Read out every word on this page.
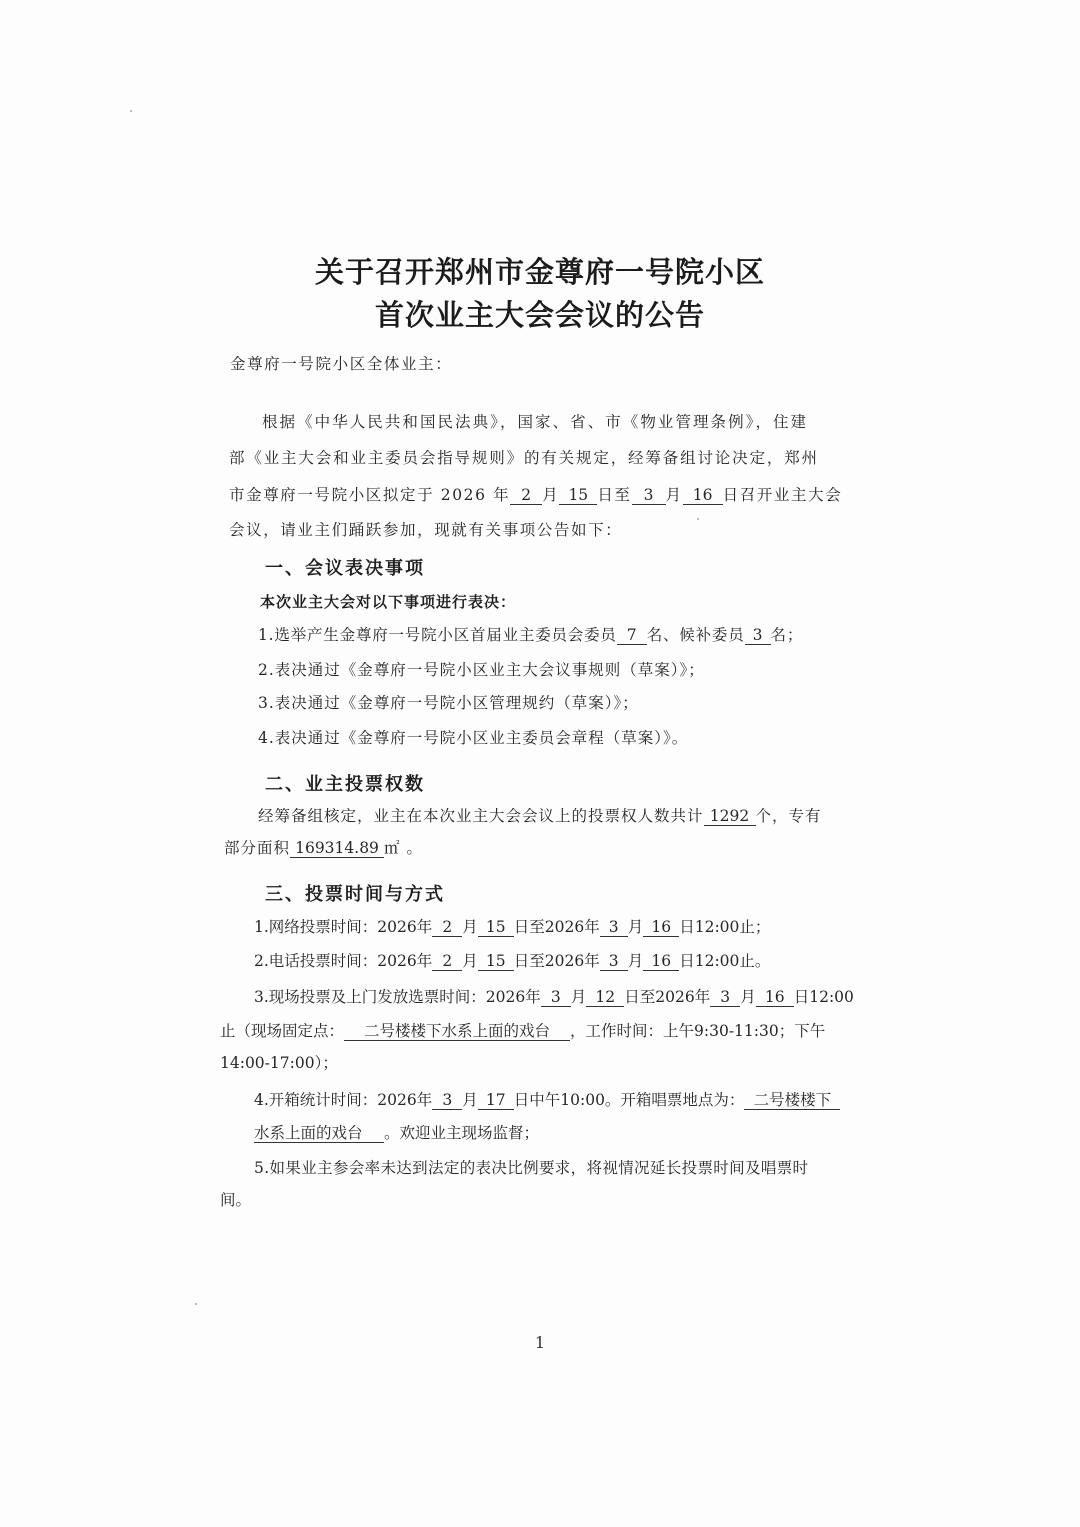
关于召开郑州市金尊府一号院小区
首次业主大会会议的公告
金尊府一号院小区全体业主：
根据《中华人民共和国民法典》，国家、省、市《物业管理条例》，住建
部《业主大会和业主委员会指导规则》的有关规定，经筹备组讨论决定，郑州
市金尊府一号院小区拟定于 2026 年 2 月 15 日至 3 月 16 日召开业主大会
会议，请业主们踊跃参加，现就有关事项公告如下：
一、会议表决事项
本次业主大会对以下事项进行表决：
1.选举产生金尊府一号院小区首届业主委员会委员 7 名、候补委员 3 名；
2.表决通过《金尊府一号院小区业主大会议事规则（草案）》；
3.表决通过《金尊府一号院小区管理规约（草案）》；
4.表决通过《金尊府一号院小区业主委员会章程（草案）》。
二、业主投票权数
经筹备组核定，业主在本次业主大会会议上的投票权人数共计 1292 个，专有
部分面积 169314.89 ㎡ 。
三、投票时间与方式
1.网络投票时间：2026年 2 月 15 日至2026年 3 月 16 日12:00止；
2.电话投票时间：2026年 2 月 15 日至2026年 3 月 16 日12:00止。
3.现场投票及上门发放选票时间：2026年 3 月 12 日至2026年 3 月 16 日12:00
止（现场固定点： 二号楼楼下水系上面的戏台 ，工作时间：上午9:30-11:30；下午
14:00-17:00）；
4.开箱统计时间：2026年 3 月 17 日中午10:00。开箱唱票地点为： 二号楼楼下
水系上面的戏台 。欢迎业主现场监督；
5.如果业主参会率未达到法定的表决比例要求，将视情况延长投票时间及唱票时
间。
1
